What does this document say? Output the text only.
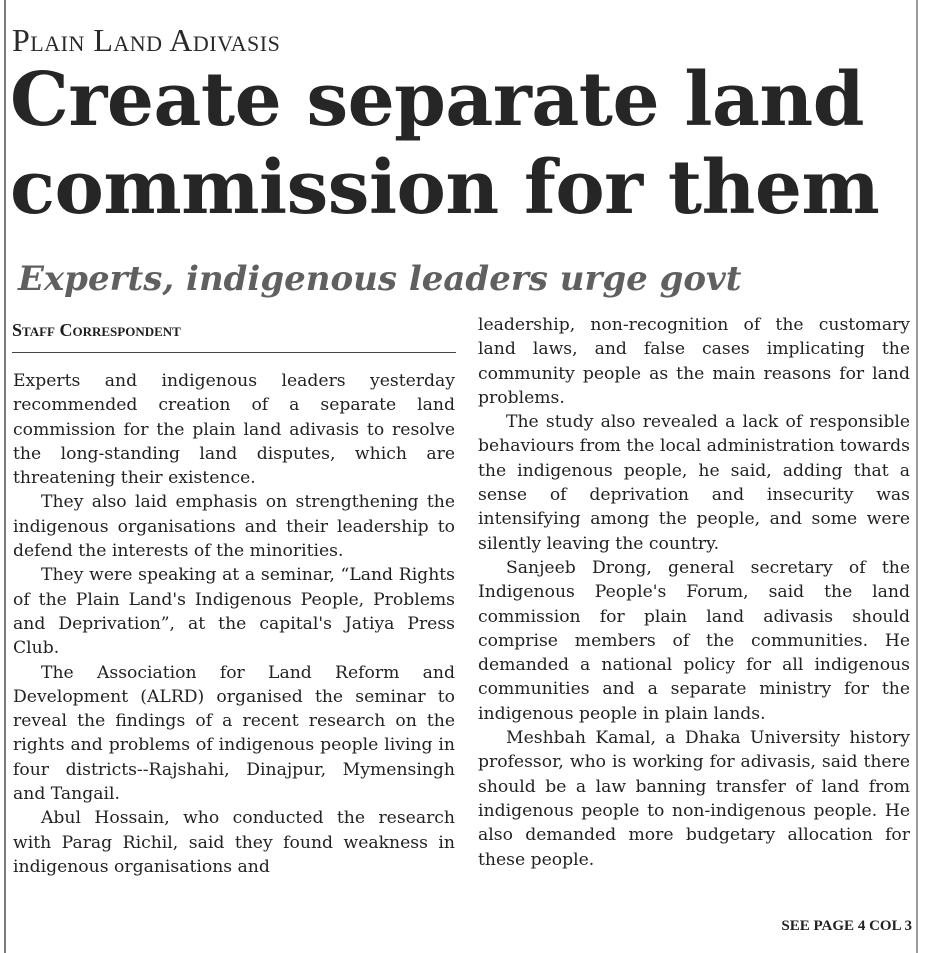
Plain Land Adivasis
Create separate land commission for them
Experts, indigenous leaders urge govt
Staff Correspondent

Experts and indigenous leaders yesterday recommended creation of a separate land commission for the plain land adivasis to resolve the long-standing land disputes, which are threatening their existence.

They also laid emphasis on strengthening the indigenous organisations and their leadership to defend the interests of the minorities.

They were speaking at a seminar, “Land Rights of the Plain Land's Indigenous People, Problems and Deprivation”, at the capital's Jatiya Press Club.

The Association for Land Reform and Development (ALRD) organised the seminar to reveal the findings of a recent research on the rights and problems of indigenous people living in four districts--Rajshahi, Dinajpur, Mymensingh and Tangail.

Abul Hossain, who conducted the research with Parag Richil, said they found weakness in indigenous organisations and

leadership, non-recognition of the customary land laws, and false cases implicating the community people as the main reasons for land problems.

The study also revealed a lack of responsible behaviours from the local administration towards the indigenous people, he said, adding that a sense of deprivation and insecurity was intensifying among the people, and some were silently leaving the country.

Sanjeeb Drong, general secretary of the Indigenous People's Forum, said the land commission for plain land adivasis should comprise members of the communities. He demanded a national policy for all indigenous communities and a separate ministry for the indigenous people in plain lands.

Meshbah Kamal, a Dhaka University history professor, who is working for adivasis, said there should be a law banning transfer of land from indigenous people to non-indigenous people. He also demanded more budgetary allocation for these people.

SEE PAGE 4 COL 3
